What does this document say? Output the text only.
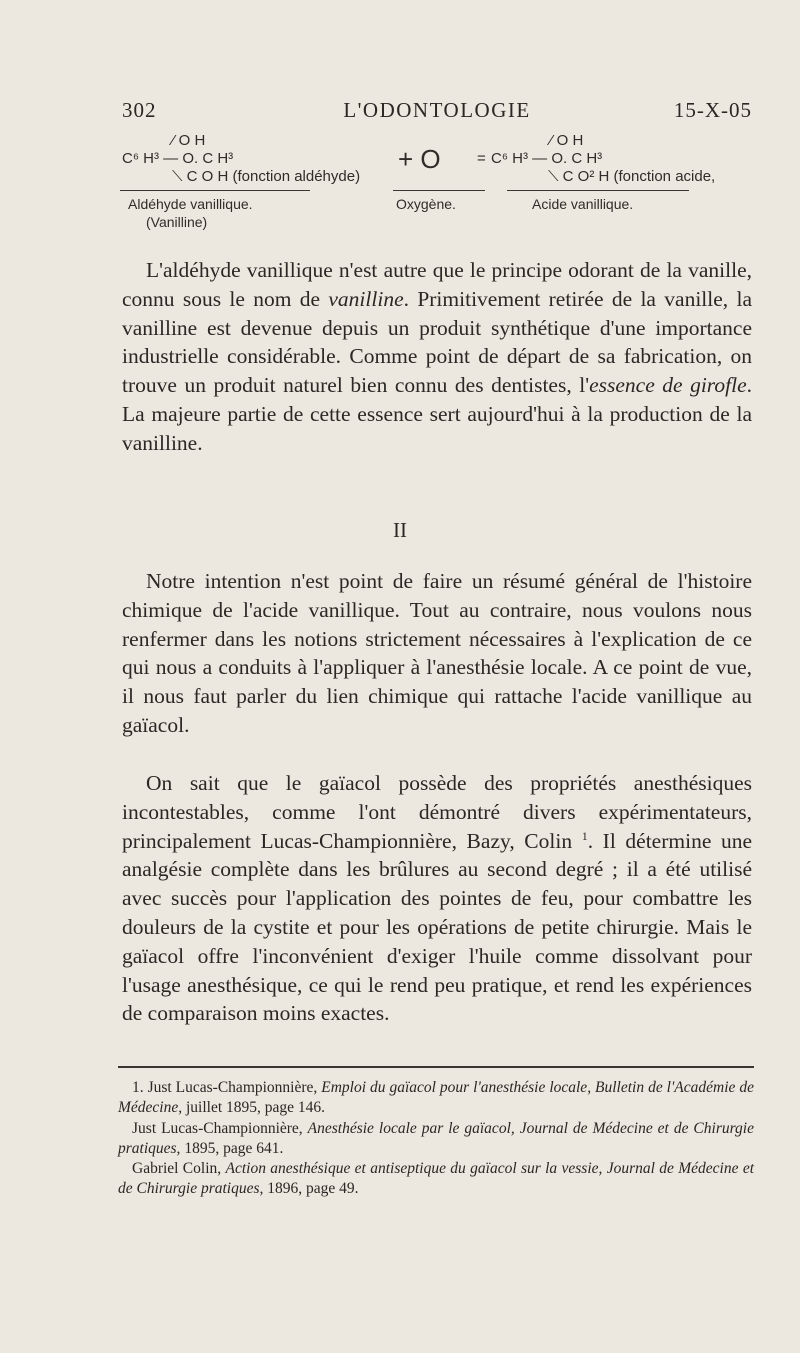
302	L'ODONTOLOGIE	15-X-05
⁄ O H
C⁶ H³ — O. C H³
⟍ C O H (fonction aldéhyde)
+ O =
⁄ O H
C⁶ H³ — O. C H³
⟍ C O² H (fonction acide,
Aldéhyde vanillique.
(Vanilline)
Oxygène.	Acide vanillique.

L'aldéhyde vanillique n'est autre que le principe odorant de la vanille, connu sous le nom de vanilline. Primitivement retirée de la vanille, la vanilline est devenue depuis un produit synthétique d'une importance industrielle considérable. Comme point de départ de sa fabrication, on trouve un produit naturel bien connu des dentistes, l'essence de girofle. La majeure partie de cette essence sert aujourd'hui à la production de la vanilline.

II

Notre intention n'est point de faire un résumé général de l'histoire chimique de l'acide vanillique. Tout au contraire, nous voulons nous renfermer dans les notions strictement nécessaires à l'explication de ce qui nous a conduits à l'appliquer à l'anesthésie locale. A ce point de vue, il nous faut parler du lien chimique qui rattache l'acide vanillique au gaïacol.

On sait que le gaïacol possède des propriétés anesthésiques incontestables, comme l'ont démontré divers expérimentateurs, principalement Lucas-Championnière, Bazy, Colin $^1$. Il détermine une analgésie complète dans les brûlures au second degré ; il a été utilisé avec succès pour l'application des pointes de feu, pour combattre les douleurs de la cystite et pour les opérations de petite chirurgie. Mais le gaïacol offre l'inconvénient d'exiger l'huile comme dissolvant pour l'usage anesthésique, ce qui le rend peu pratique, et rend les expériences de comparaison moins exactes.

1. Just Lucas-Championnière, Emploi du gaïacol pour l'anesthésie locale, Bulletin de l'Académie de Médecine, juillet 1895, page 146.

Just Lucas-Championnière, Anesthésie locale par le gaïacol, Journal de Médecine et de Chirurgie pratiques, 1895, page 641.

Gabriel Colin, Action anesthésique et antiseptique du gaïacol sur la vessie, Journal de Médecine et de Chirurgie pratiques, 1896, page 49.
